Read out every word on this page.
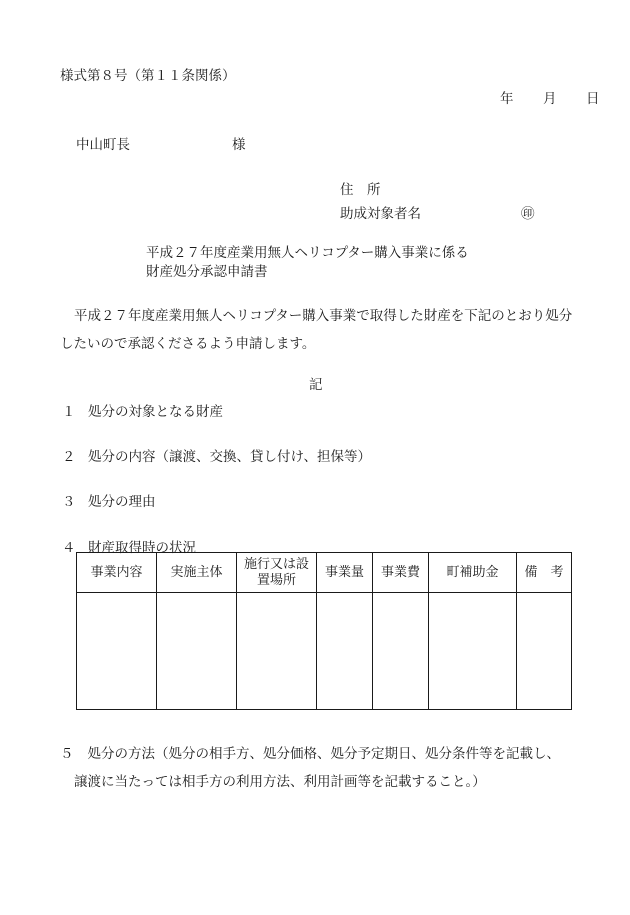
様式第８号（第１１条関係）
年　月　日
中山町長	様
住　所
助成対象者名	㊞
平成２７年度産業用無人ヘリコプター購入事業に係る
財産処分承認申請書

平成２７年度産業用無人ヘリコプター購入事業で取得した財産を下記のとおり処分したいので承認くださるよう申請します。

記
１ 処分の対象となる財産
２ 処分の内容（譲渡、交換、貸し付け、担保等）
３ 処分の理由
４ 財産取得時の状況
事業内容	実施主体	施行又は設置場所	事業量	事業費	町補助金	備　考

５ 処分の方法（処分の相手方、処分価格、処分予定期日、処分条件等を記載し、
譲渡に当たっては相手方の利用方法、利用計画等を記載すること。）
